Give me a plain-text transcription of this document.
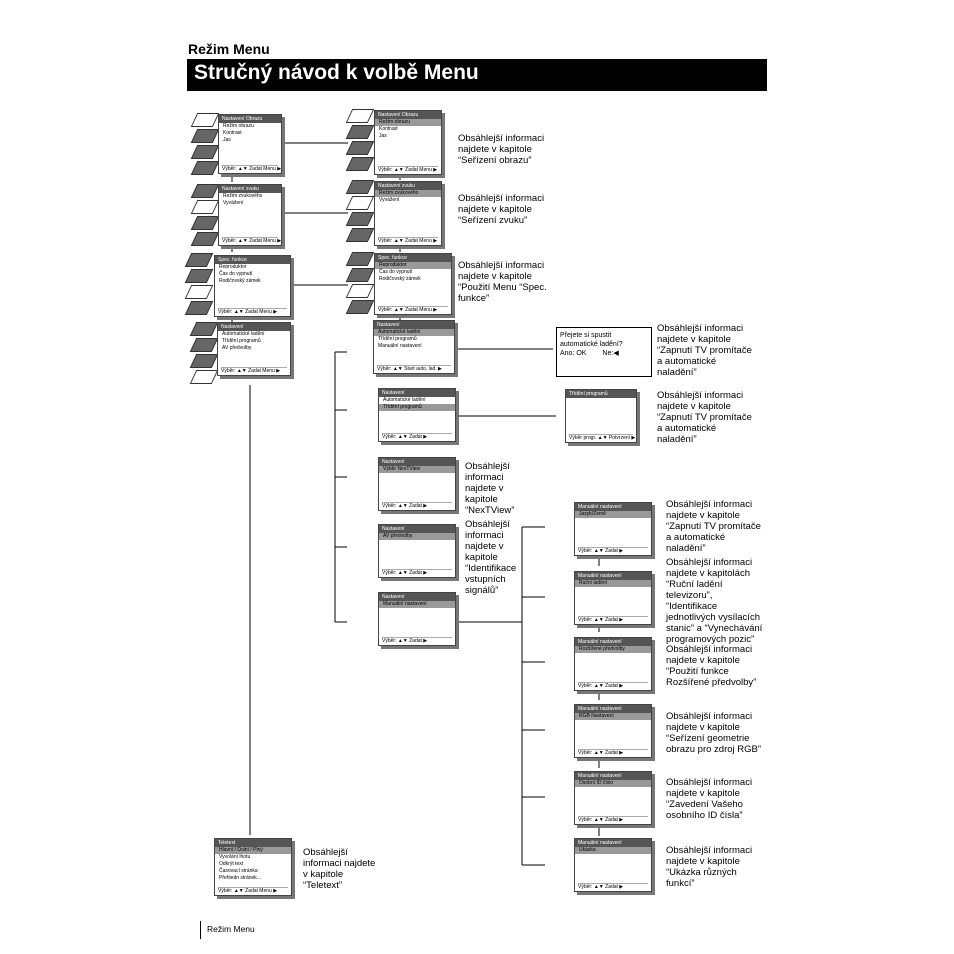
Režim Menu
Stručný návod k volbě Menu
Nastavení Obrazu
Režim obrazu
Kontrast
Jas
Výběr: ▲▼ Zadat Menu ▶
Nastavení Obrazu
Režim obrazu
Kontrast
Jas
Výběr: ▲▼ Zadat Menu ▶
Obsáhlejší informaci
najdete v kapitole
“Seřízení obrazu”
Nastavení zvuku
Režim zvukového
Vyvážení
Výběr: ▲▼ Zadat Menu ▶
Nastavení zvuku
Režim zvukového
Vyvážení
Výběr: ▲▼ Zadat Menu ▶
Obsáhlejší informaci
najdete v kapitole
“Seřízení zvuku”
Spec. funkce
Reproduktor
Čas do vypnutí
Rodičovský zámek
Výběr: ▲▼ Zadat Menu ▶
Spec. funkce
Reproduktor
Čas do vypnutí
Rodičovský zámek
Výběr: ▲▼ Zadat Menu ▶
Obsáhlejší informaci
najdete v kapitole
“Použití Menu “Spec.
funkce”
Nastavení
Automatické ladění
Třídění programů
AV předvolby
Výběr: ▲▼ Zadat Menu ▶
Nastavení
Automatické ladění
Třídění programů
Manuální nastavení
Výběr: ▲▼ Start auto. lad. ▶
Přejete si spustit automatické ladění?
Ano: OK Ne:◀
Obsáhlejší informaci
najdete v kapitole
“Zapnutí TV promítače
a automatické
naladění”
Nastavení
Automatické ladění
Třídění programů
Výběr: ▲▼ Zadat ▶
Třídění programů
Výběr progr. ▲▼ Potvrzení ▶
Obsáhlejší informaci
najdete v kapitole
“Zapnutí TV promítače
a automatické
naladění”
Nastavení
Výběr NexTView
Výběr: ▲▼ Zadat ▶
Obsáhlejší
informaci
najdete v
kapitole
“NexTView”
Nastavení
AV předvolby
Výběr: ▲▼ Zadat ▶
Obsáhlejší
informaci
najdete v
kapitole
“Identifikace
vstupních
signálů”
Nastavení
Manuální nastavení
Výběr: ▲▼ Zadat ▶
Manuální nastavení
Jazyk/Země
Výběr: ▲▼ Zadat ▶
Obsáhlejší informaci
najdete v kapitole
“Zapnutí TV promítače
a automatické
naladění”
Manuální nastavení
Ruční ladění
Výběr: ▲▼ Zadat ▶
Obsáhlejší informaci
najdete v kapitolách
“Ruční ladění
televizoru”,
“Identifikace
jednotlivých vysílacích
stanic” a “Vynechávání
programových pozic”
Manuální nastavení
Rozšířené předvolby
Výběr: ▲▼ Zadat ▶
Obsáhlejší informaci
najdete v kapitole
“Použití funkce
Rozšířené předvolby”
Manuální nastavení
RGB Nastavení
Výběr: ▲▼ Zadat ▶
Obsáhlejší informaci
najdete v kapitole
“Seřízení geometrie
obrazu pro zdroj RGB”
Manuální nastavení
Osobní ID číslo
Výběr: ▲▼ Zadat ▶
Obsáhlejší informaci
najdete v kapitole
“Zavedení Vašeho
osobního ID čísla”
Manuální nastavení
Ukázka
Výběr: ▲▼ Zadat ▶
Obsáhlejší informaci
najdete v kapitole
“Ukázka různých
funkcí”
Teletext
Hlavní / Dolní / Plný
Vyvolání lhotu
Odkrýt text
Časovací stránka
Přehledn stránek...
Výběr: ▲▼ Zadat Menu ▶
Obsáhlejší
informaci najdete
v kapitole
“Teletext”
Režim Menu
